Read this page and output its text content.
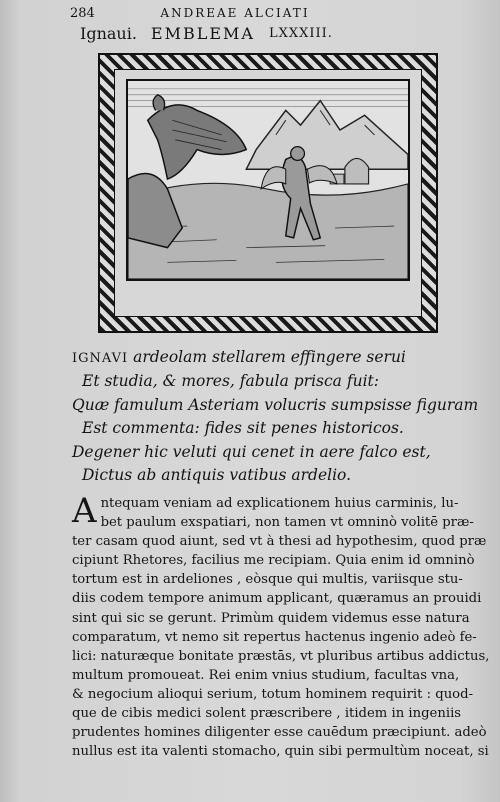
284	ANDREAE ALCIATI
Ignaui. EMBLEMA LXXXIII.
IGNAVI ardeolam stellarem effingere serui
Et studia, & mores, fabula prisca fuit:
Quæ famulum Asteriam volucris sumpsisse figuram
Est commenta: fides sit penes historicos.
Degener hic veluti qui cenet in aere falco est,
Dictus ab antiquis vatibus ardelio.
A ntequam veniam ad explicationem huius carminis, lu-
bet paulum exspatiari, non tamen vt omninò volitē præ-
ter casam quod aiunt, sed vt à thesi ad hypothesim, quod præ
cipiunt Rhetores, facilius me recipiam. Quia enim id omninò
tortum est in ardeliones , eòsque qui multis, variisque stu-
diis codem tempore animum applicant, quæramus an prouidi
sint qui sic se gerunt. Primùm quidem videmus esse natura
comparatum, vt nemo sit repertus hactenus ingenio adeò fe-
lici: naturæque bonitate præstās, vt pluribus artibus addictus,
multum promoueat. Rei enim vnius studium, facultas vna,
& negocium alioqui serium, totum hominem requirit : quod-
que de cibis medici solent præscribere , itidem in ingeniis
prudentes homines diligenter esse cauēdum præcipiunt. adeò
nullus est ita valenti stomacho, quin sibi permultùm noceat, si
